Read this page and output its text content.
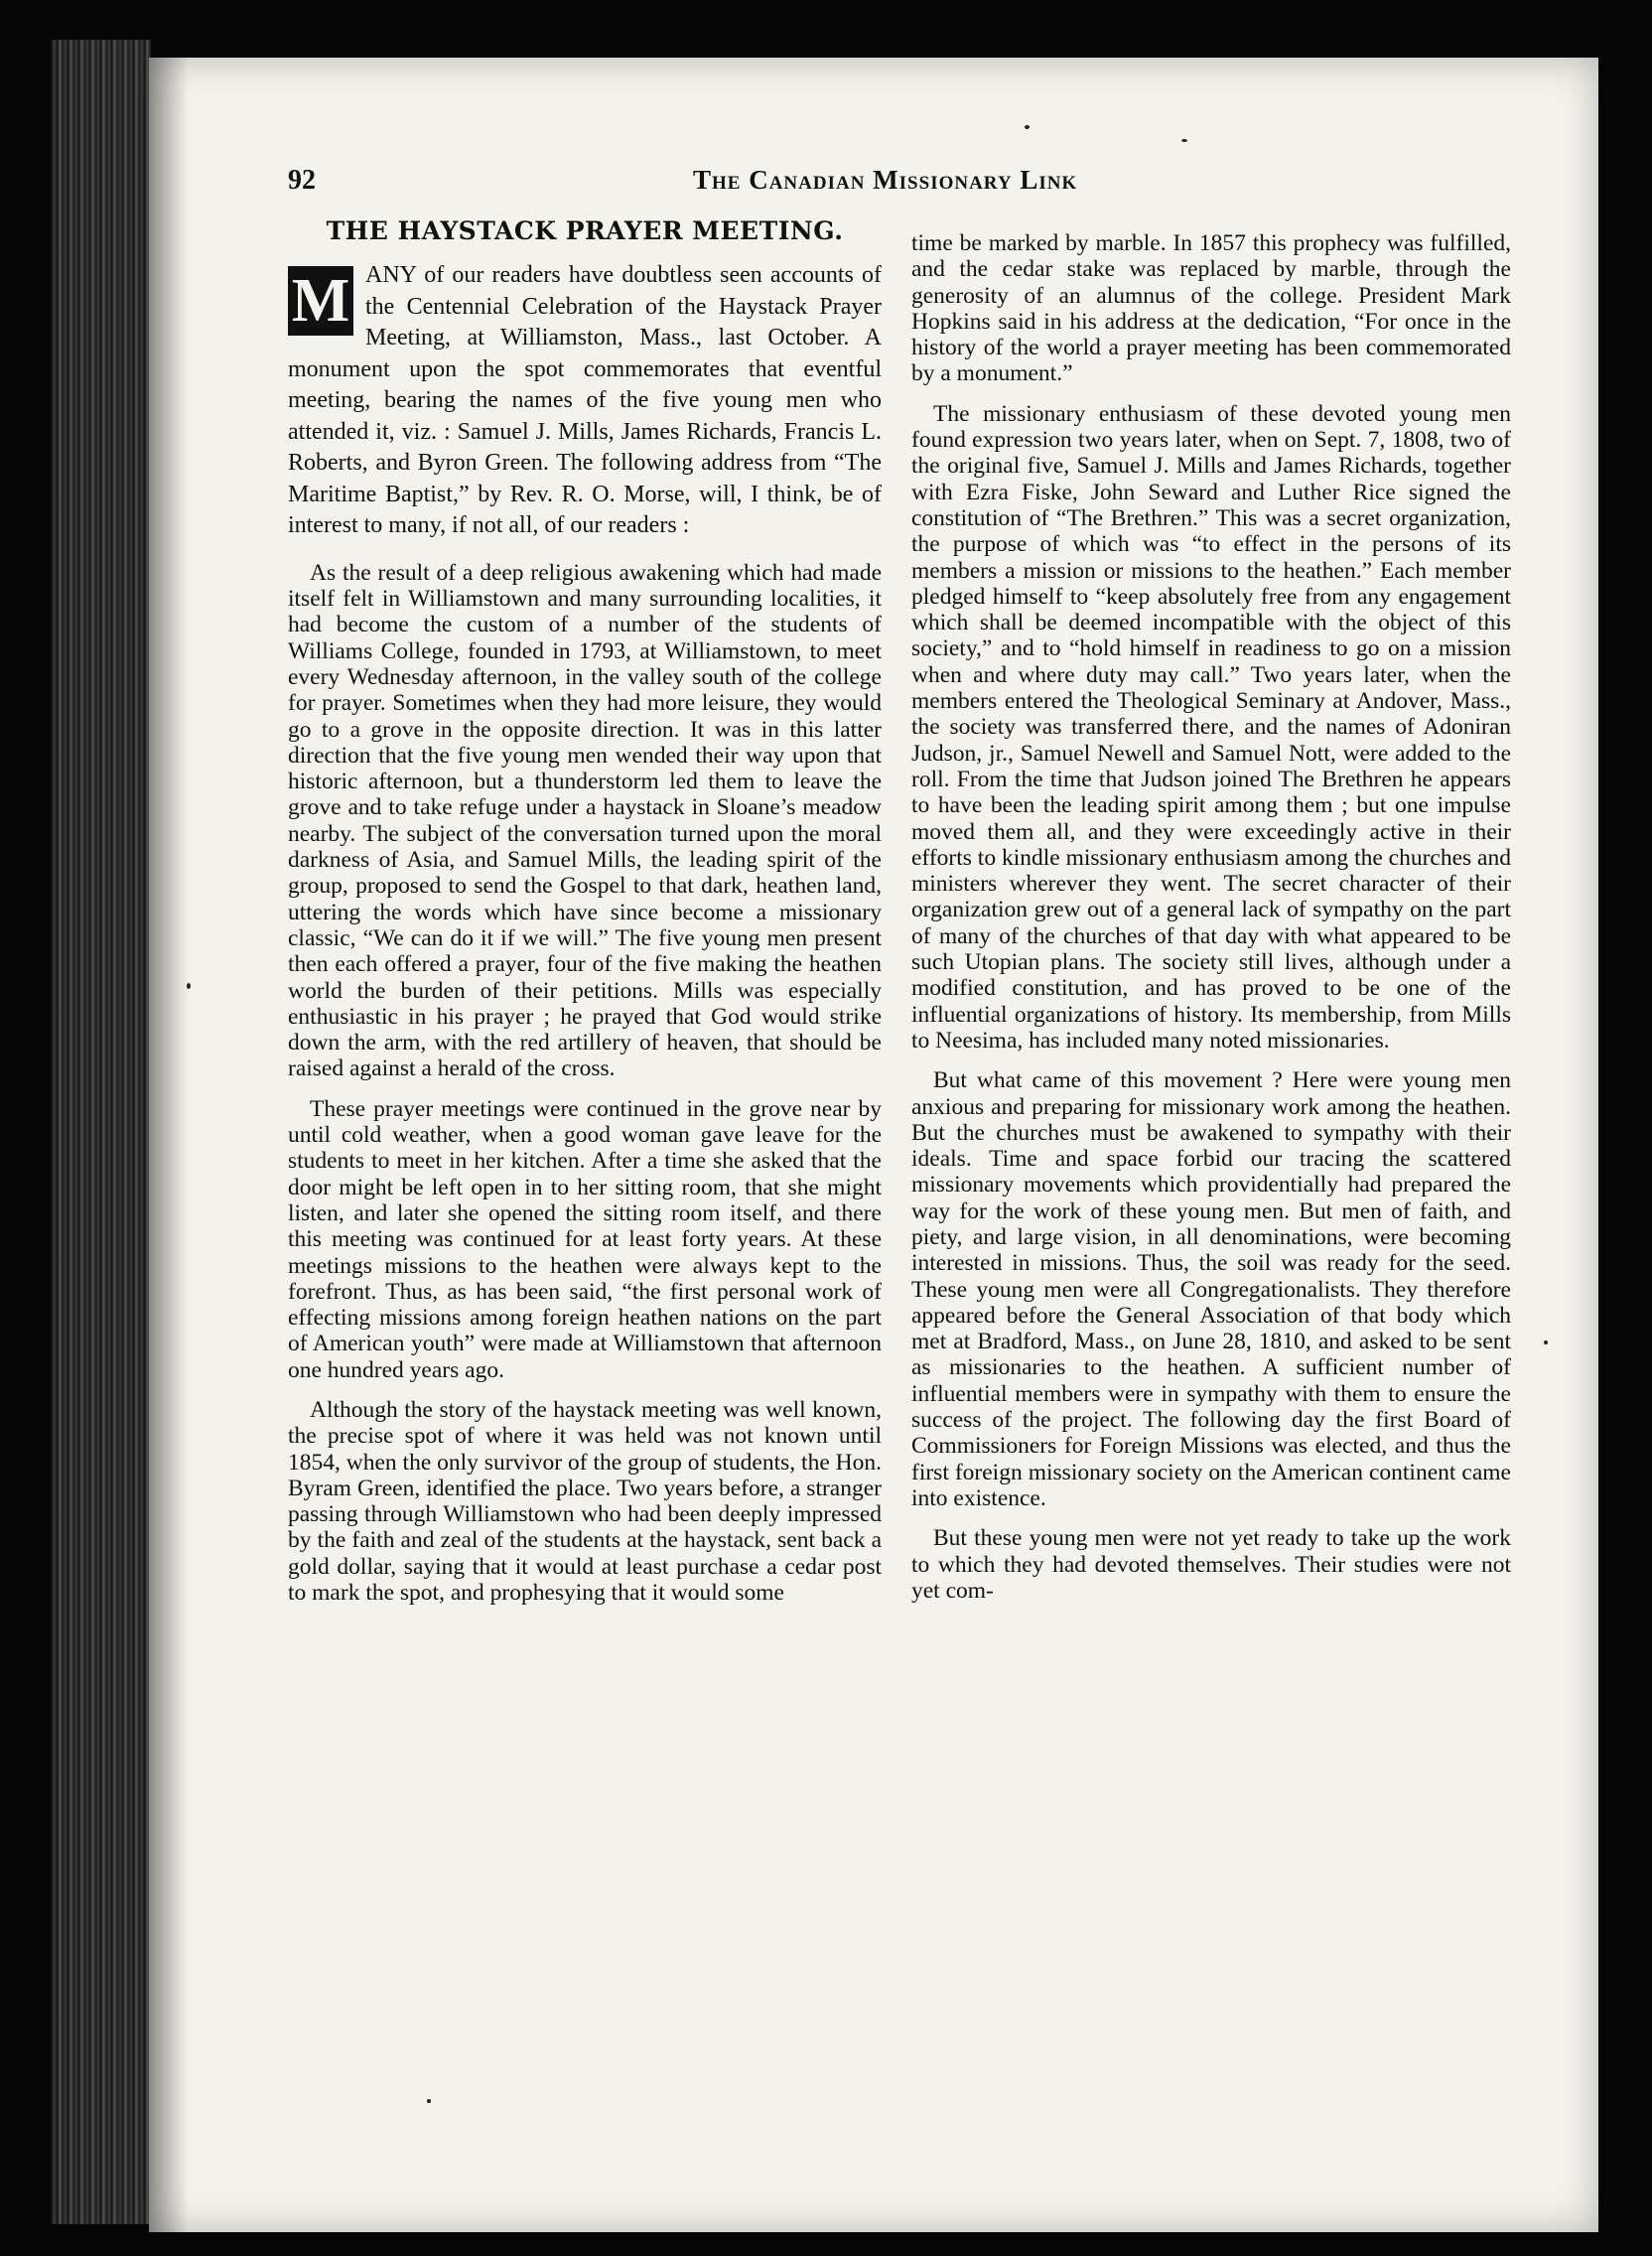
92	The Canadian Missionary Link
THE HAYSTACK PRAYER MEETING.
M ANY of our readers have doubtless seen accounts of the Centennial Celebration of the Haystack Prayer Meeting, at Williamston, Mass., last October. A monument upon the spot commemorates that eventful meeting, bearing the names of the five young men who attended it, viz. : Samuel J. Mills, James Richards, Francis L. Roberts, and Byron Green. The following address from “The Maritime Baptist,” by Rev. R. O. Morse, will, I think, be of interest to many, if not all, of our readers :

As the result of a deep religious awakening which had made itself felt in Williamstown and many surrounding localities, it had become the custom of a number of the students of Williams College, founded in 1793, at Williamstown, to meet every Wednesday afternoon, in the valley south of the college for prayer. Sometimes when they had more leisure, they would go to a grove in the opposite direction. It was in this latter direction that the five young men wended their way upon that historic afternoon, but a thunderstorm led them to leave the grove and to take refuge under a haystack in Sloane’s meadow nearby. The subject of the conversation turned upon the moral darkness of Asia, and Samuel Mills, the leading spirit of the group, proposed to send the Gospel to that dark, heathen land, uttering the words which have since become a missionary classic, “We can do it if we will.” The five young men present then each offered a prayer, four of the five making the heathen world the burden of their petitions. Mills was especially enthusiastic in his prayer ; he prayed that God would strike down the arm, with the red artillery of heaven, that should be raised against a herald of the cross.

These prayer meetings were continued in the grove near by until cold weather, when a good woman gave leave for the students to meet in her kitchen. After a time she asked that the door might be left open in to her sitting room, that she might listen, and later she opened the sitting room itself, and there this meeting was continued for at least forty years. At these meetings missions to the heathen were always kept to the forefront. Thus, as has been said, “the first personal work of effecting missions among foreign heathen nations on the part of American youth” were made at Williamstown that afternoon one hundred years ago.

Although the story of the haystack meeting was well known, the precise spot of where it was held was not known until 1854, when the only survivor of the group of students, the Hon. Byram Green, identified the place. Two years before, a stranger passing through Williamstown who had been deeply impressed by the faith and zeal of the students at the haystack, sent back a gold dollar, saying that it would at least purchase a cedar post to mark the spot, and prophesying that it would some

time be marked by marble. In 1857 this prophecy was fulfilled, and the cedar stake was replaced by marble, through the generosity of an alumnus of the college. President Mark Hopkins said in his address at the dedication, “For once in the history of the world a prayer meeting has been commemorated by a monument.”

The missionary enthusiasm of these devoted young men found expression two years later, when on Sept. 7, 1808, two of the original five, Samuel J. Mills and James Richards, together with Ezra Fiske, John Seward and Luther Rice signed the constitution of “The Brethren.” This was a secret organization, the purpose of which was “to effect in the persons of its members a mission or missions to the heathen.” Each member pledged himself to “keep absolutely free from any engagement which shall be deemed incompatible with the object of this society,” and to “hold himself in readiness to go on a mission when and where duty may call.” Two years later, when the members entered the Theological Seminary at Andover, Mass., the society was transferred there, and the names of Adoniran Judson, jr., Samuel Newell and Samuel Nott, were added to the roll. From the time that Judson joined The Brethren he appears to have been the leading spirit among them ; but one impulse moved them all, and they were exceedingly active in their efforts to kindle missionary enthusiasm among the churches and ministers wherever they went. The secret character of their organization grew out of a general lack of sympathy on the part of many of the churches of that day with what appeared to be such Utopian plans. The society still lives, although under a modified constitution, and has proved to be one of the influential organizations of history. Its membership, from Mills to Neesima, has included many noted missionaries.

But what came of this movement ? Here were young men anxious and preparing for missionary work among the heathen. But the churches must be awakened to sympathy with their ideals. Time and space forbid our tracing the scattered missionary movements which providentially had prepared the way for the work of these young men. But men of faith, and piety, and large vision, in all denominations, were becoming interested in missions. Thus, the soil was ready for the seed. These young men were all Congregationalists. They therefore appeared before the General Association of that body which met at Bradford, Mass., on June 28, 1810, and asked to be sent as missionaries to the heathen. A sufficient number of influential members were in sympathy with them to ensure the success of the project. The following day the first Board of Commissioners for Foreign Missions was elected, and thus the first foreign missionary society on the American continent came into existence.

But these young men were not yet ready to take up the work to which they had devoted themselves. Their studies were not yet com-
